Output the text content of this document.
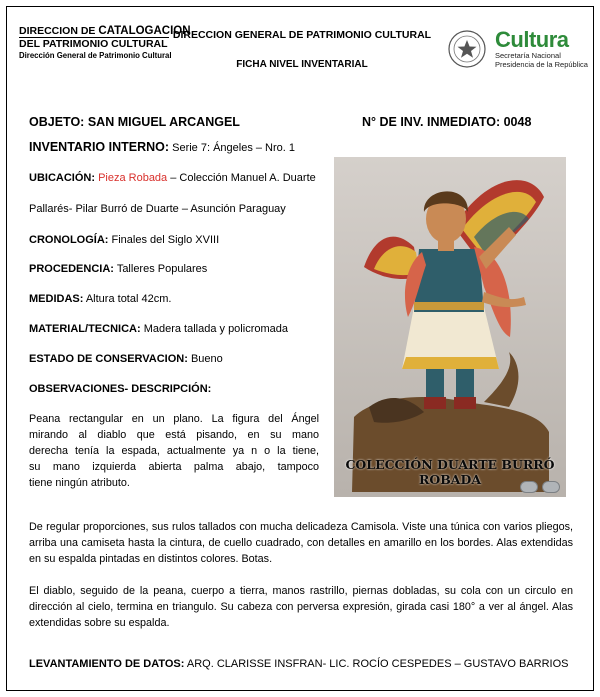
DIRECCION DE CATALOGACION
DEL PATRIMONIO CULTURAL
Dirección General de Patrimonio Cultural
DIRECCION GENERAL DE PATRIMONIO CULTURAL
FICHA NIVEL INVENTARIAL
Cultura
Secretaría Nacional
Presidencia de la República
OBJETO: SAN MIGUEL ARCANGEL	N° DE INV. INMEDIATO: 0048
INVENTARIO INTERNO: Serie 7: Ángeles – Nro. 1
UBICACIÓN: Pieza Robada – Colección Manuel A. Duarte
Pallarés- Pilar Burró de Duarte – Asunción Paraguay
CRONOLOGÍA: Finales del Siglo XVIII
PROCEDENCIA: Talleres Populares
MEDIDAS: Altura total 42cm.
MATERIAL/TECNICA: Madera tallada y policromada
ESTADO DE CONSERVACION: Bueno
OBSERVACIONES- DESCRIPCIÓN:
Peana rectangular en un plano. La figura del Ángel
mirando al diablo que está pisando, en su mano
derecha tenía la espada, actualmente ya n o la tiene,
su mano izquierda abierta palma abajo, tampoco
tiene ningún atributo.
De regular proporciones, sus rulos tallados con mucha delicadeza Camisola. Viste una túnica con varios pliegos, arriba una camiseta hasta la cintura, de cuello cuadrado, con detalles en amarillo en los bordes. Alas extendidas en su espalda pintadas en distintos colores. Botas.
El diablo, seguido de la peana, cuerpo a tierra, manos rastrillo, piernas dobladas, su cola con un circulo en dirección al cielo, termina en triangulo. Su cabeza con perversa expresión, girada casi 180° a ver al ángel. Alas extendidas sobre su espalda.
LEVANTAMIENTO DE DATOS: ARQ. CLARISSE INSFRAN- LIC. ROCÍO CESPEDES – GUSTAVO BARRIOS
COLECCIÓN DUARTE BURRÓ
ROBADA
